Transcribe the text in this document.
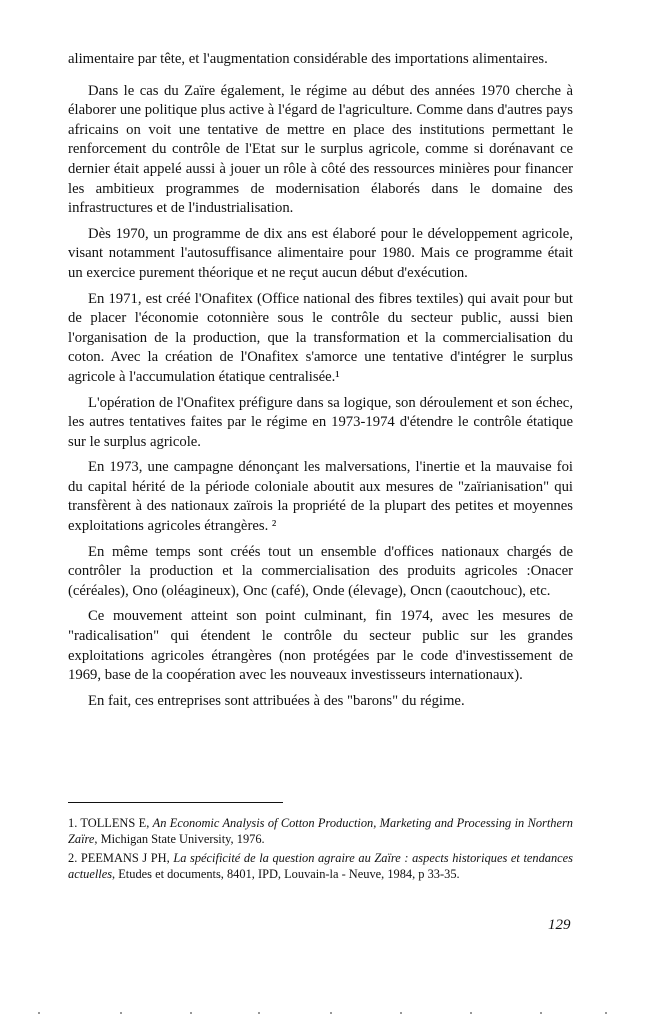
alimentaire par tête, et l'augmentation considérable des importations alimentaires.

Dans le cas du Zaïre également, le régime au début des années 1970 cherche à élaborer une politique plus active à l'égard de l'agriculture. Comme dans d'autres pays africains on voit une tentative de mettre en place des institutions permettant le renforcement du contrôle de l'Etat sur le surplus agricole, comme si dorénavant ce dernier était appelé aussi à jouer un rôle à côté des ressources minières pour financer les ambitieux programmes de modernisation élaborés dans le domaine des infrastructures et de l'industrialisation.

Dès 1970, un programme de dix ans est élaboré pour le développement agricole, visant notamment l'autosuffisance alimentaire pour 1980. Mais ce programme était un exercice purement théorique et ne reçut aucun début d'exécution.

En 1971, est créé l'Onafitex (Office national des fibres textiles) qui avait pour but de placer l'économie cotonnière sous le contrôle du secteur public, aussi bien l'organisation de la production, que la transformation et la commercialisation du coton. Avec la création de l'Onafitex s'amorce une tentative d'intégrer le surplus agricole à l'accumulation étatique centralisée.¹

L'opération de l'Onafitex préfigure dans sa logique, son déroulement et son échec, les autres tentatives faites par le régime en 1973-1974 d'étendre le contrôle étatique sur le surplus agricole.

En 1973, une campagne dénonçant les malversations, l'inertie et la mauvaise foi du capital hérité de la période coloniale aboutit aux mesures de "zaïrianisation" qui transfèrent à des nationaux zaïrois la propriété de la plupart des petites et moyennes exploitations agricoles étrangères. ²

En même temps sont créés tout un ensemble d'offices nationaux chargés de contrôler la production et la commercialisation des produits agricoles :Onacer (céréales), Ono (oléagineux), Onc (café), Onde (élevage), Oncn (caoutchouc), etc.

Ce mouvement atteint son point culminant, fin 1974, avec les mesures de "radicalisation" qui étendent le contrôle du secteur public sur les grandes exploitations agricoles étrangères (non protégées par le code d'investissement de 1969, base de la coopération avec les nouveaux investisseurs internationaux).

En fait, ces entreprises sont attribuées à des "barons" du régime.

1. TOLLENS E, An Economic Analysis of Cotton Production, Marketing and Processing in Northern Zaïre, Michigan State University, 1976.

2. PEEMANS J PH, La spécificité de la question agraire au Zaïre : aspects historiques et tendances actuelles, Etudes et documents, 8401, IPD, Louvain-la - Neuve, 1984, p 33-35.

129
